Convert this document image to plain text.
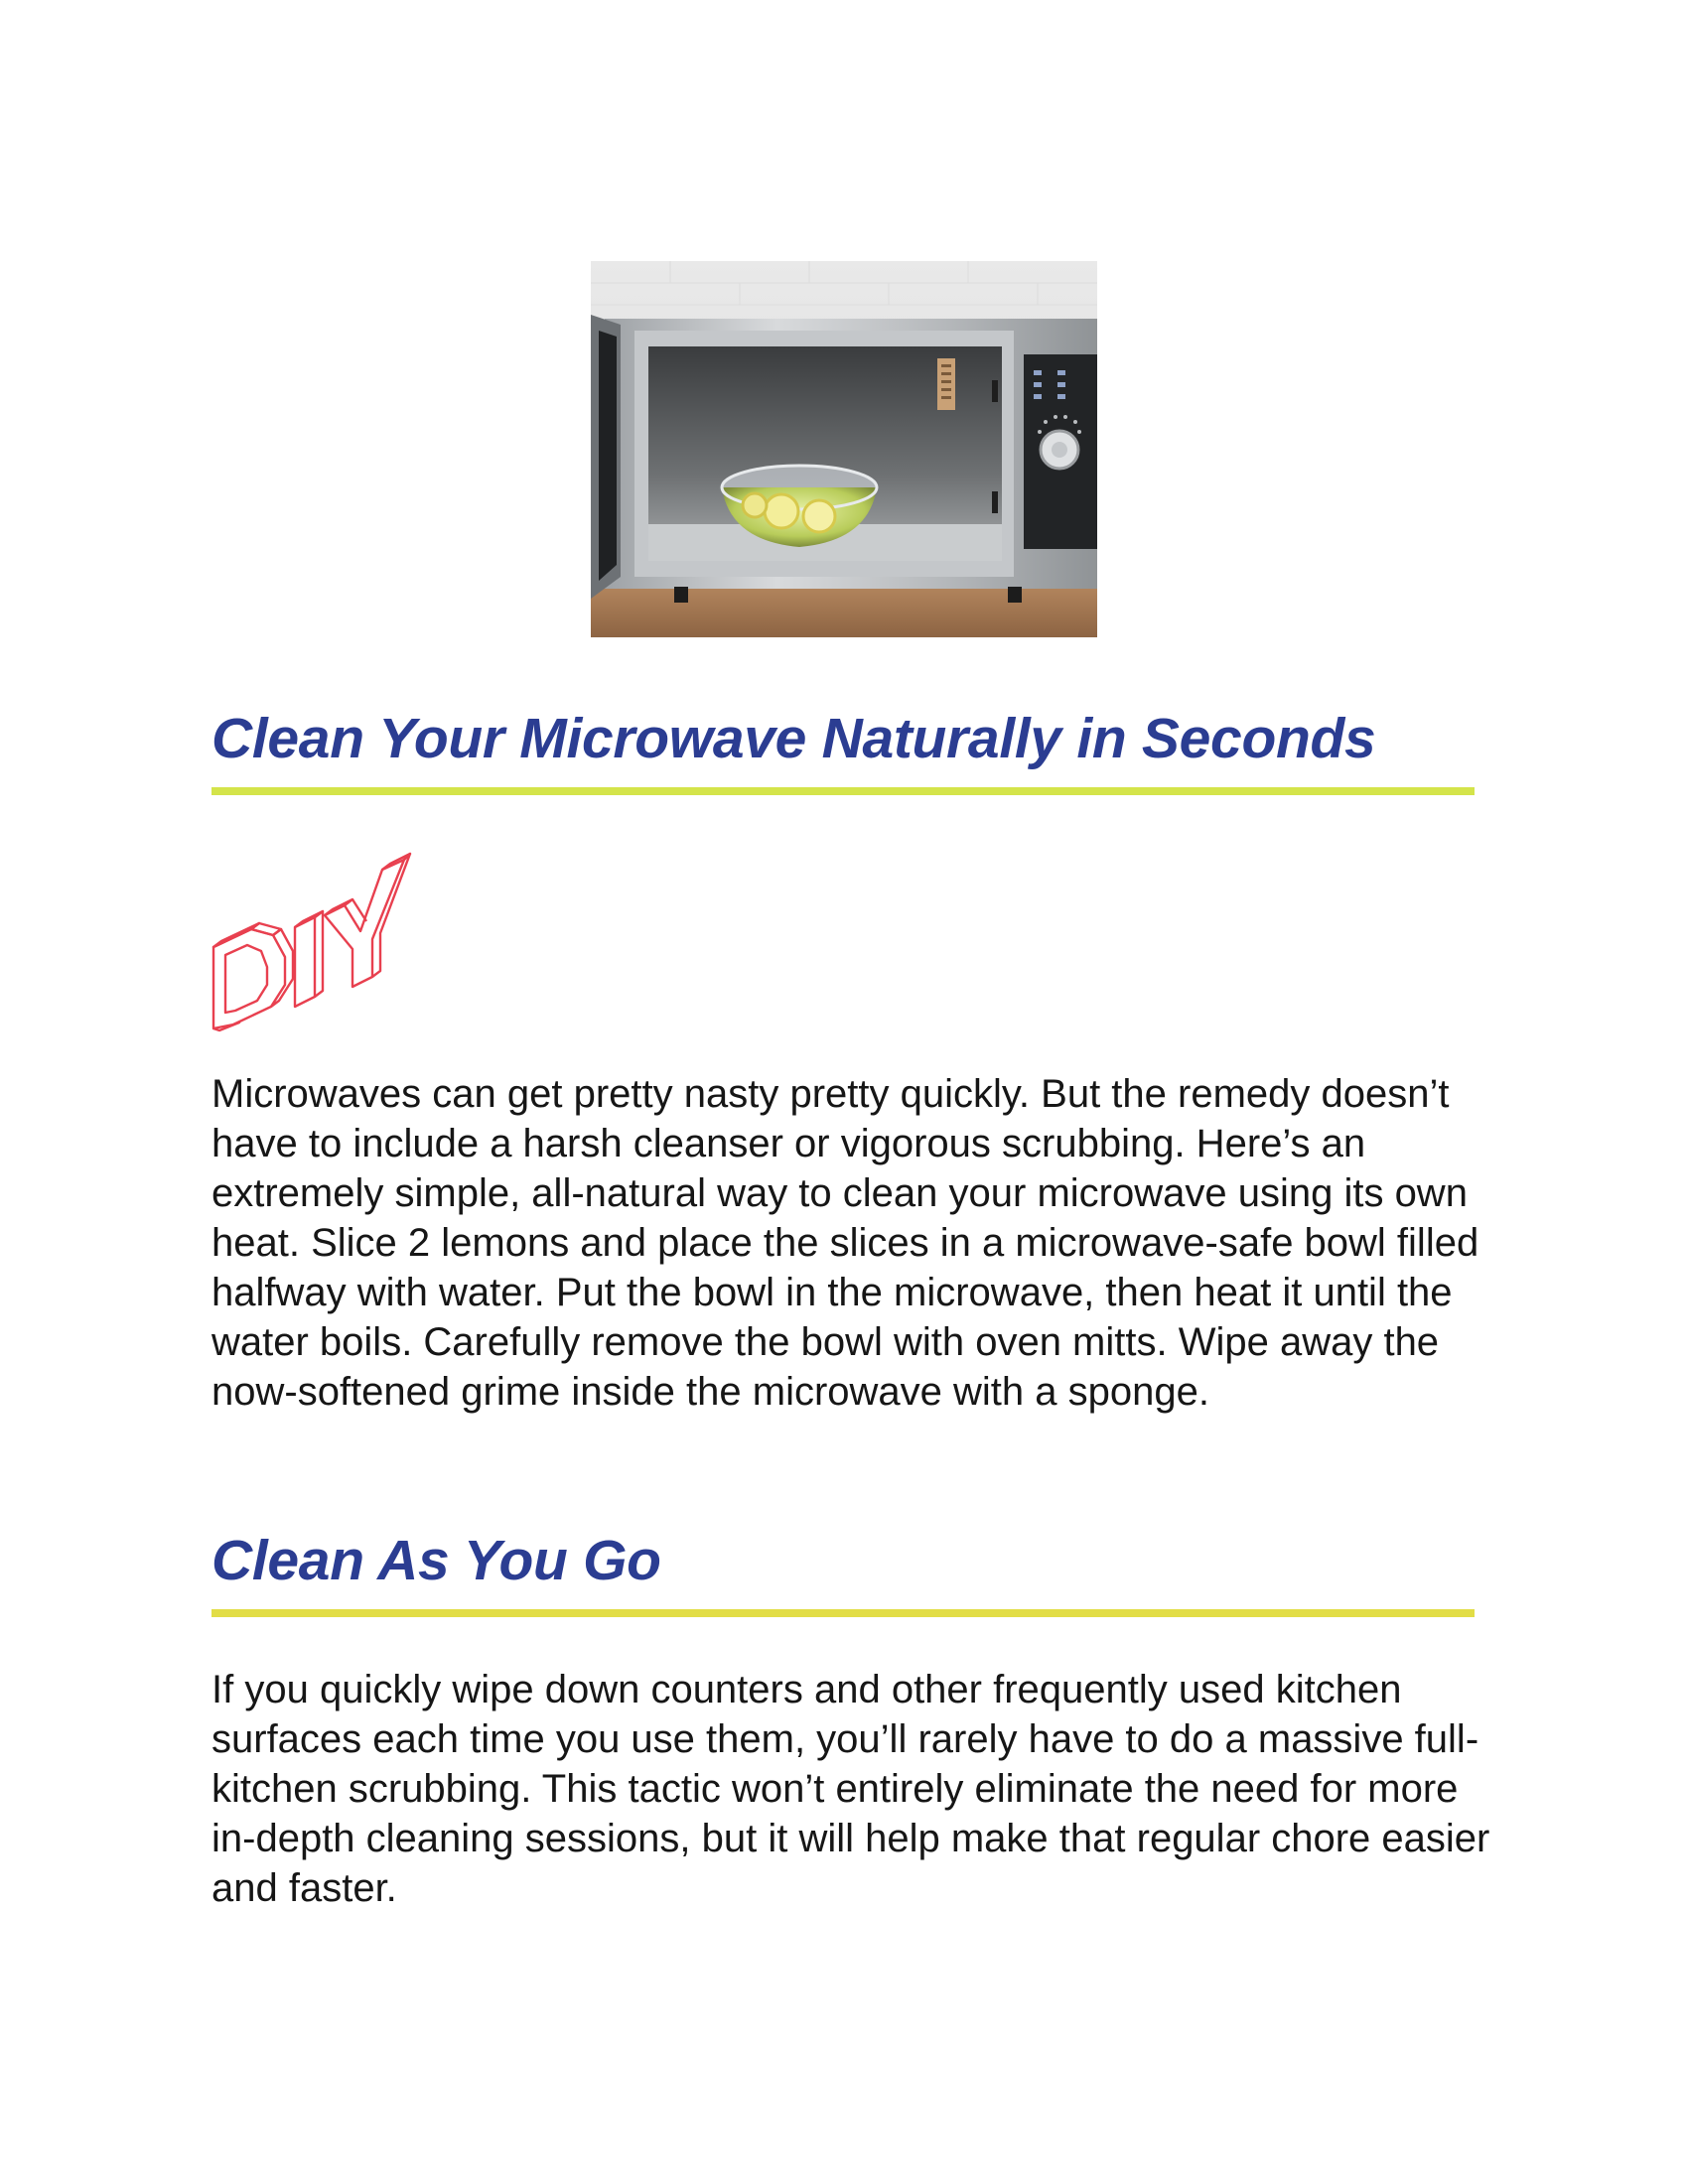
Clean Your Microwave Naturally in Seconds

Microwaves can get pretty nasty pretty quickly. But the remedy doesn’t have to include a harsh cleanser or vigorous scrubbing. Here’s an extremely simple, all-natural way to clean your microwave using its own heat. Slice 2 lemons and place the slices in a microwave-safe bowl filled halfway with water. Put the bowl in the microwave, then heat it until the water boils. Carefully remove the bowl with oven mitts. Wipe away the now-softened grime inside the microwave with a sponge.

Clean As You Go

If you quickly wipe down counters and other frequently used kitchen surfaces each time you use them, you’ll rarely have to do a massive full-kitchen scrubbing. This tactic won’t entirely eliminate the need for more in-depth cleaning sessions, but it will help make that regular chore easier and faster.
